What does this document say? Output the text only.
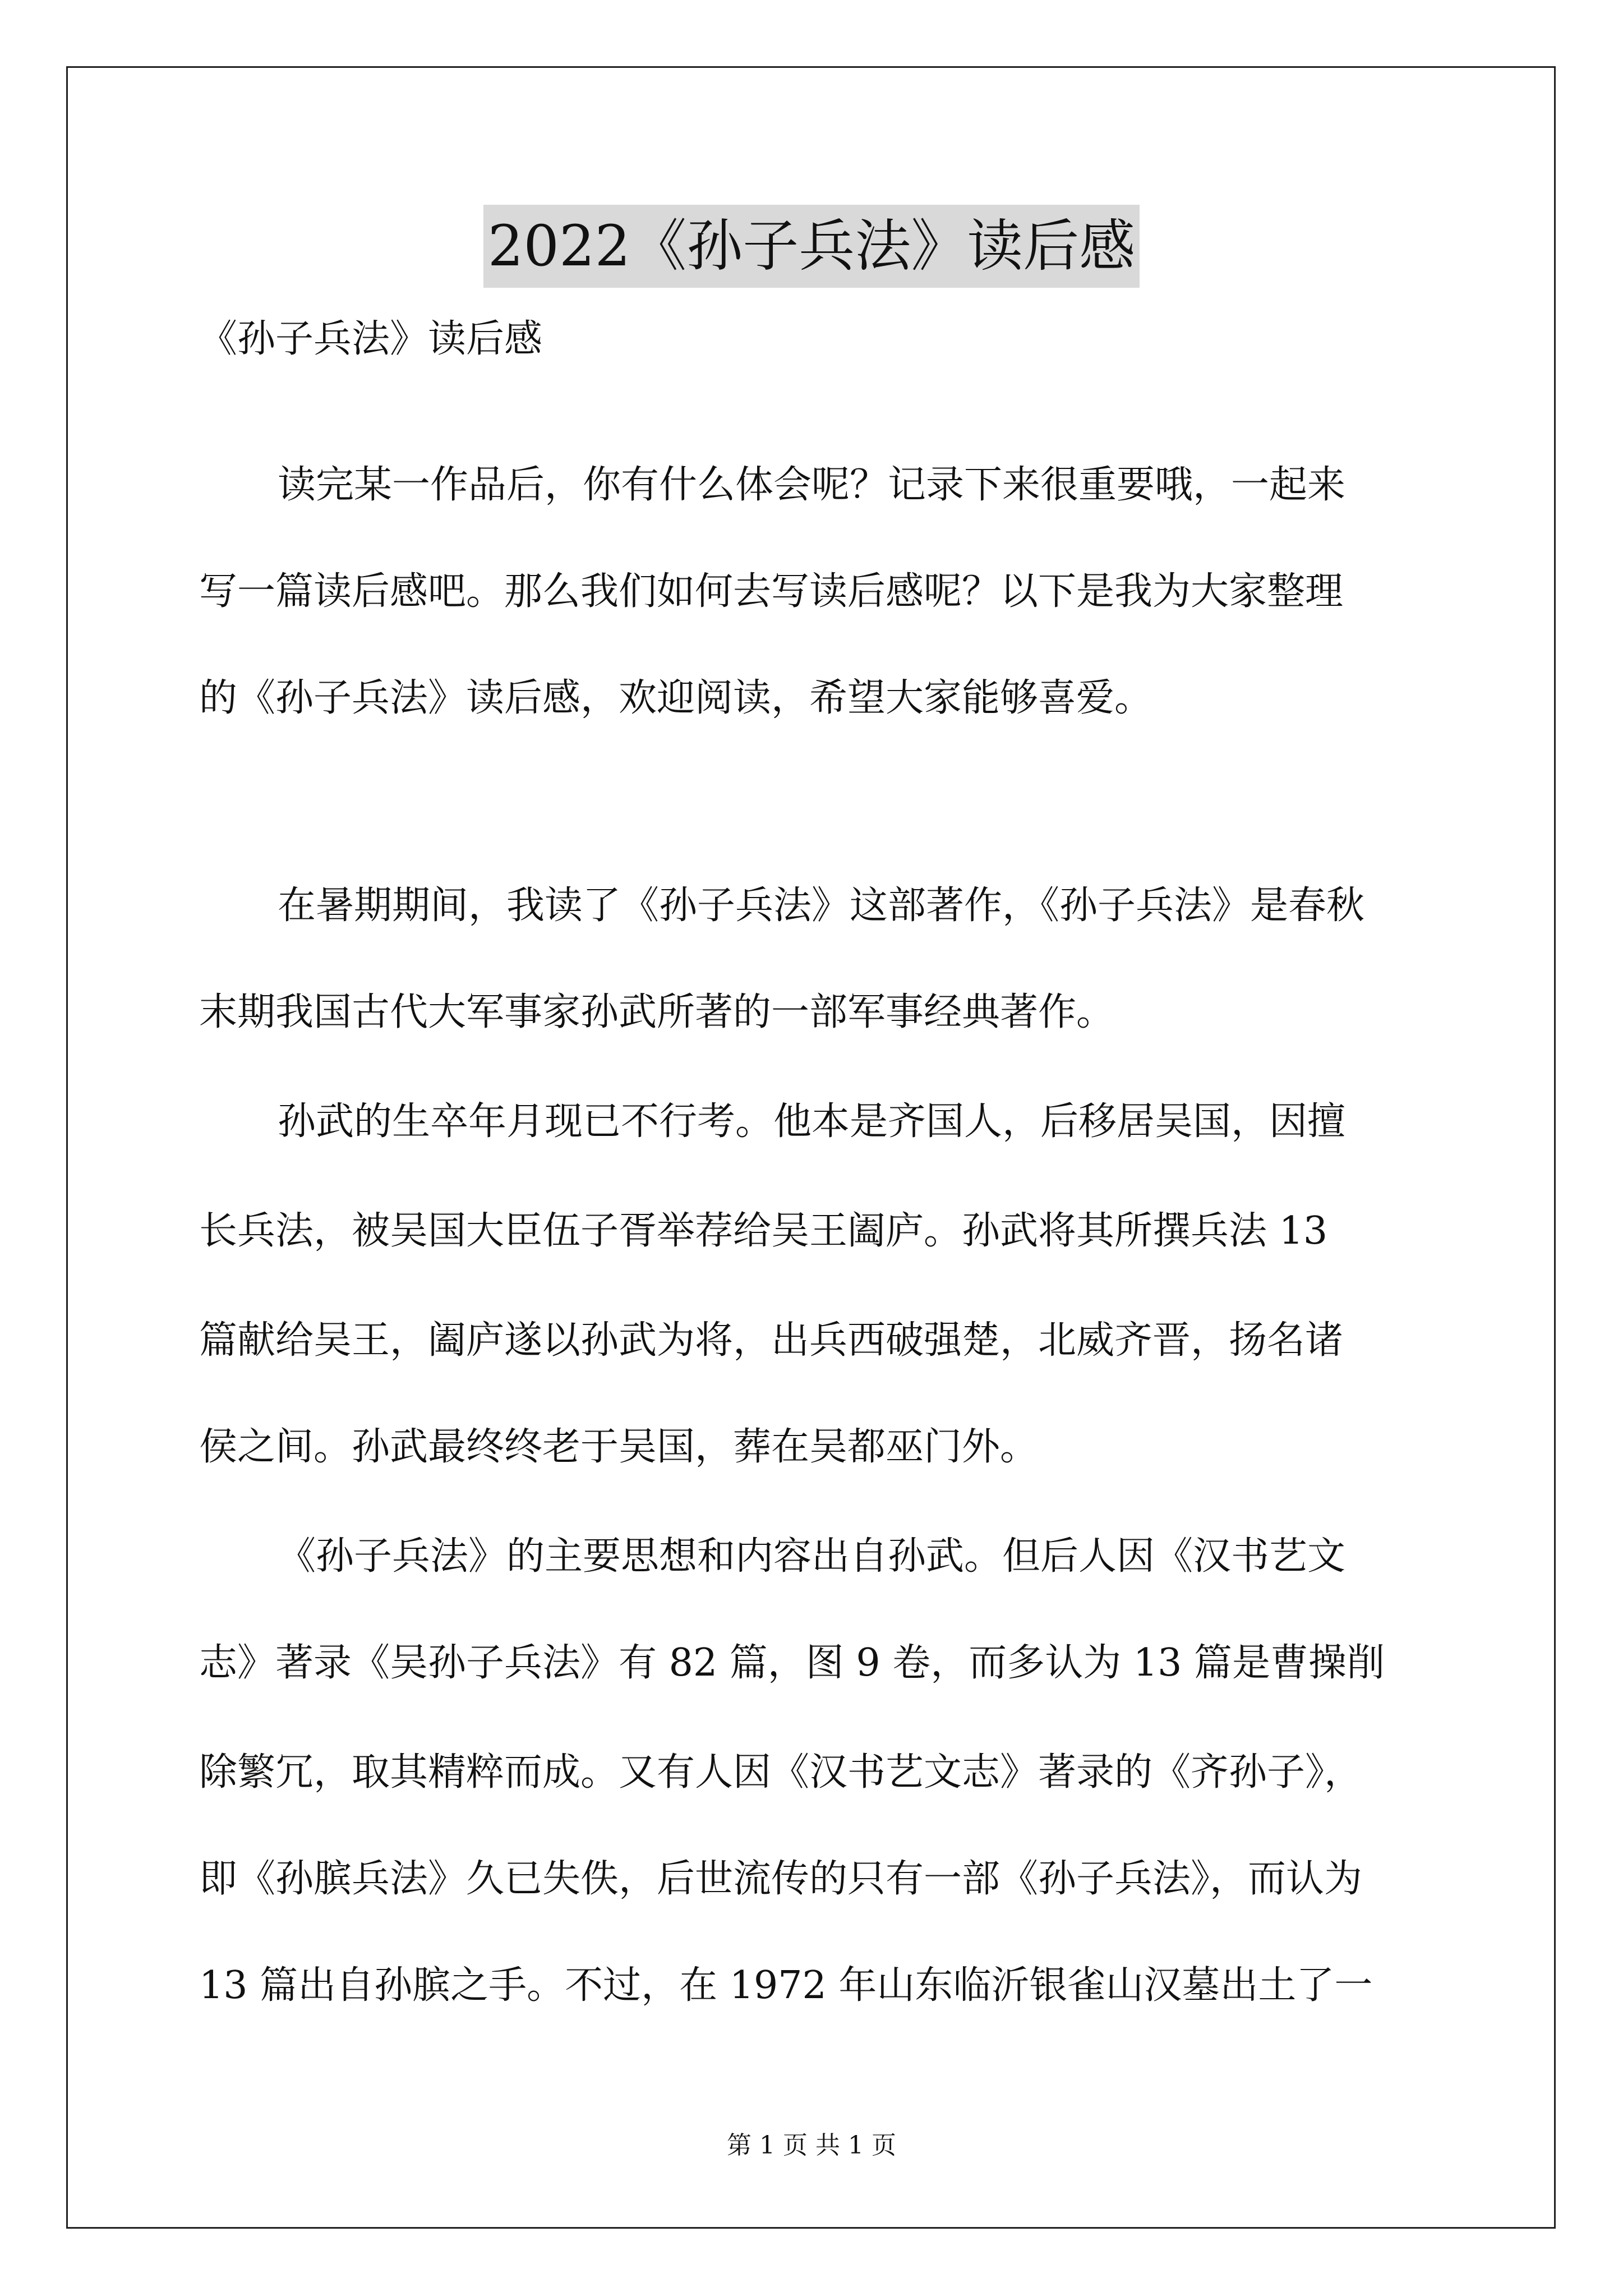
2022《孙子兵法》读后感
《孙子兵法》读后感
读完某一作品后，你有什么体会呢？记录下来很重要哦，一起来
写一篇读后感吧。那么我们如何去写读后感呢？以下是我为大家整理
的《孙子兵法》读后感，欢迎阅读，希望大家能够喜爱。
在暑期期间，我读了《孙子兵法》这部著作，《孙子兵法》是春秋
末期我国古代大军事家孙武所著的一部军事经典著作。
孙武的生卒年月现已不行考。他本是齐国人，后移居吴国，因擅
长兵法，被吴国大臣伍子胥举荐给吴王阖庐。孙武将其所撰兵法 13
篇献给吴王，阖庐遂以孙武为将，出兵西破强楚，北威齐晋，扬名诸
侯之间。孙武最终终老于吴国，葬在吴都巫门外。
《孙子兵法》的主要思想和内容出自孙武。但后人因《汉书艺文
志》著录《吴孙子兵法》有 82 篇，图 9 卷，而多认为 13 篇是曹操削
除繁冗，取其精粹而成。又有人因《汉书艺文志》著录的《齐孙子》，
即《孙膑兵法》久已失佚，后世流传的只有一部《孙子兵法》，而认为
13 篇出自孙膑之手。不过，在 1972 年山东临沂银雀山汉墓出土了一
第 1 页 共 1 页
